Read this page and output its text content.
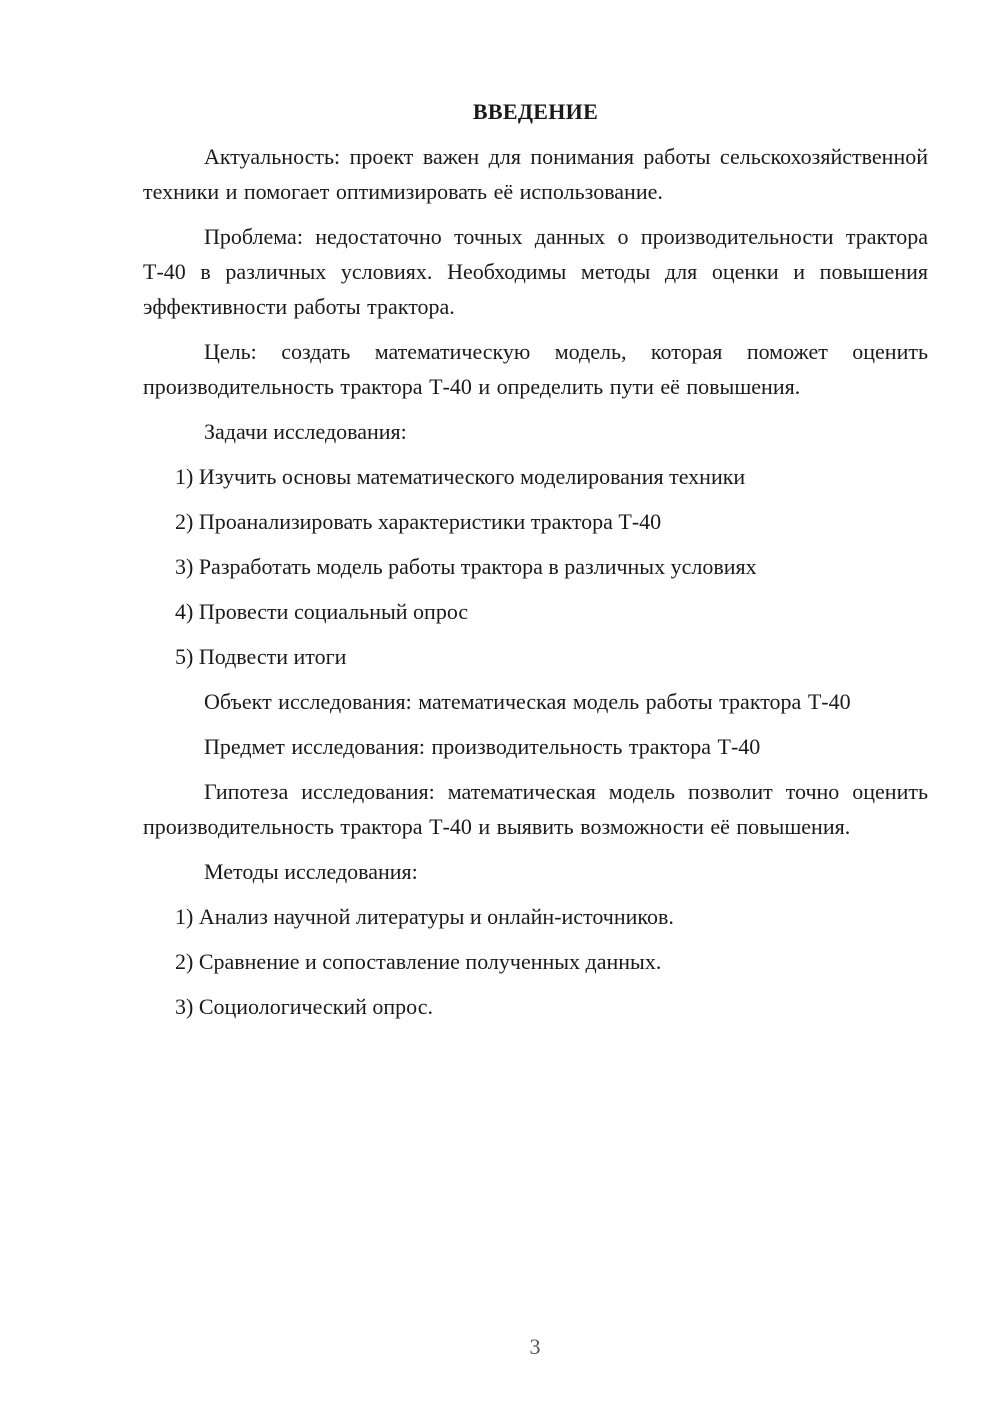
ВВЕДЕНИЕ

Актуальность: проект важен для понимания работы сельскохозяйственной техники и помогает оптимизировать её использование.

Проблема: недостаточно точных данных о производительности трактора Т-40 в различных условиях. Необходимы методы для оценки и повышения эффективности работы трактора.

Цель: создать математическую модель, которая поможет оценить производительность трактора Т-40 и определить пути её повышения.

Задачи исследования:

1) Изучить основы математического моделирования техники
2) Проанализировать характеристики трактора Т-40
3) Разработать модель работы трактора в различных условиях
4) Провести социальный опрос
5) Подвести итоги

Объект исследования: математическая модель работы трактора Т-40

Предмет исследования: производительность трактора Т-40

Гипотеза исследования: математическая модель позволит точно оценить производительность трактора Т-40 и выявить возможности её повышения.

Методы исследования:

1) Анализ научной литературы и онлайн-источников.
2) Сравнение и сопоставление полученных данных.
3) Социологический опрос.
3
